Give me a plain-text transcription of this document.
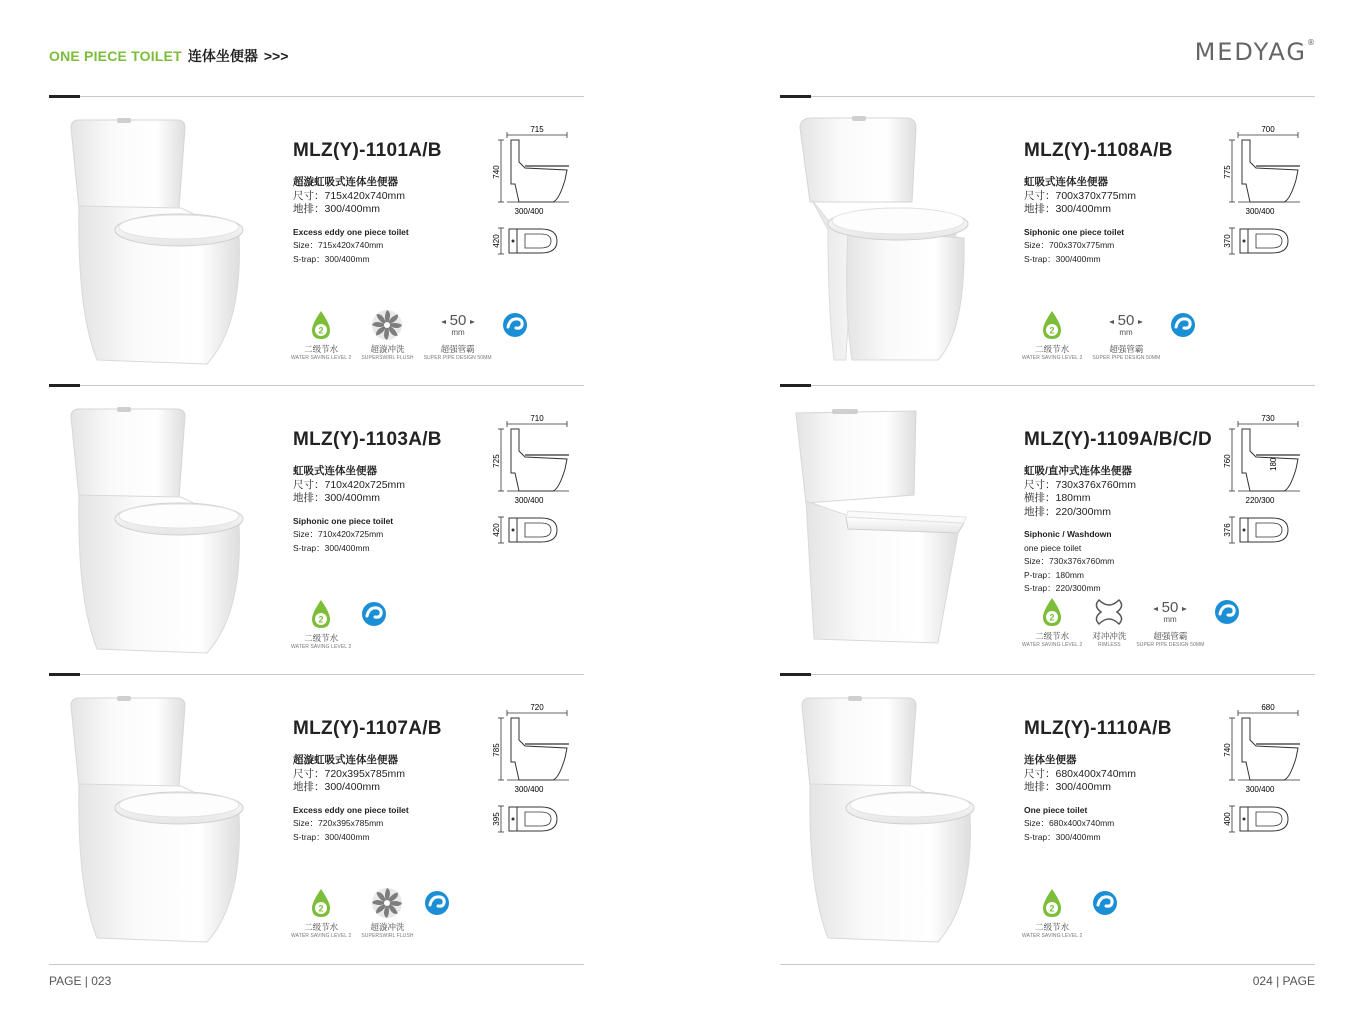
ONE PIECE TOILET 连体坐便器 >>>	MEDYAG®
MLZ(Y)-1101A/B
超漩虹吸式连体坐便器
尺寸：715x420x740mm
地排：300/400mm
Excess eddy one piece toilet
Size：715x420x740mm
S-trap：300/400mm
715
740
300/400
420
2
二级节水
WATER SAVING LEVEL 2
超漩冲洗
SUPERSWIRL FLUSH
50
mm
超强管霸
SUPER PIPE DESIGN 50MM
MLZ(Y)-1108A/B
虹吸式连体坐便器
尺寸：700x370x775mm
地排：300/400mm
Siphonic one piece toilet
Size：700x370x775mm
S-trap：300/400mm
700
775
300/400
370
2
二级节水
WATER SAVING LEVEL 2
50
mm
超强管霸
SUPER PIPE DESIGN 50MM
MLZ(Y)-1103A/B
虹吸式连体坐便器
尺寸：710x420x725mm
地排：300/400mm
Siphonic one piece toilet
Size：710x420x725mm
S-trap：300/400mm
710
725
300/400
420
2
二级节水
WATER SAVING LEVEL 2
MLZ(Y)-1109A/B/C/D
虹吸/直冲式连体坐便器
尺寸：730x376x760mm
横排：180mm
地排：220/300mm
Siphonic / Washdown
one piece toilet
Size：730x376x760mm
P-trap：180mm
S-trap：220/300mm
730
760	180
220/300
376
2
二级节水
WATER SAVING LEVEL 2
对冲冲洗
RIMLESS
50
mm
超强管霸
SUPER PIPE DESIGN 50MM
MLZ(Y)-1107A/B
超漩虹吸式连体坐便器
尺寸：720x395x785mm
地排：300/400mm
Excess eddy one piece toilet
Size：720x395x785mm
S-trap：300/400mm
720
785
300/400
395
2
二级节水
WATER SAVING LEVEL 2
超漩冲洗
SUPERSWIRL FLUSH
MLZ(Y)-1110A/B
连体坐便器
尺寸：680x400x740mm
地排：300/400mm
One piece toilet
Size：680x400x740mm
S-trap：300/400mm
680
740
300/400
400
2
二级节水
WATER SAVING LEVEL 2
PAGE | 023	024 | PAGE
